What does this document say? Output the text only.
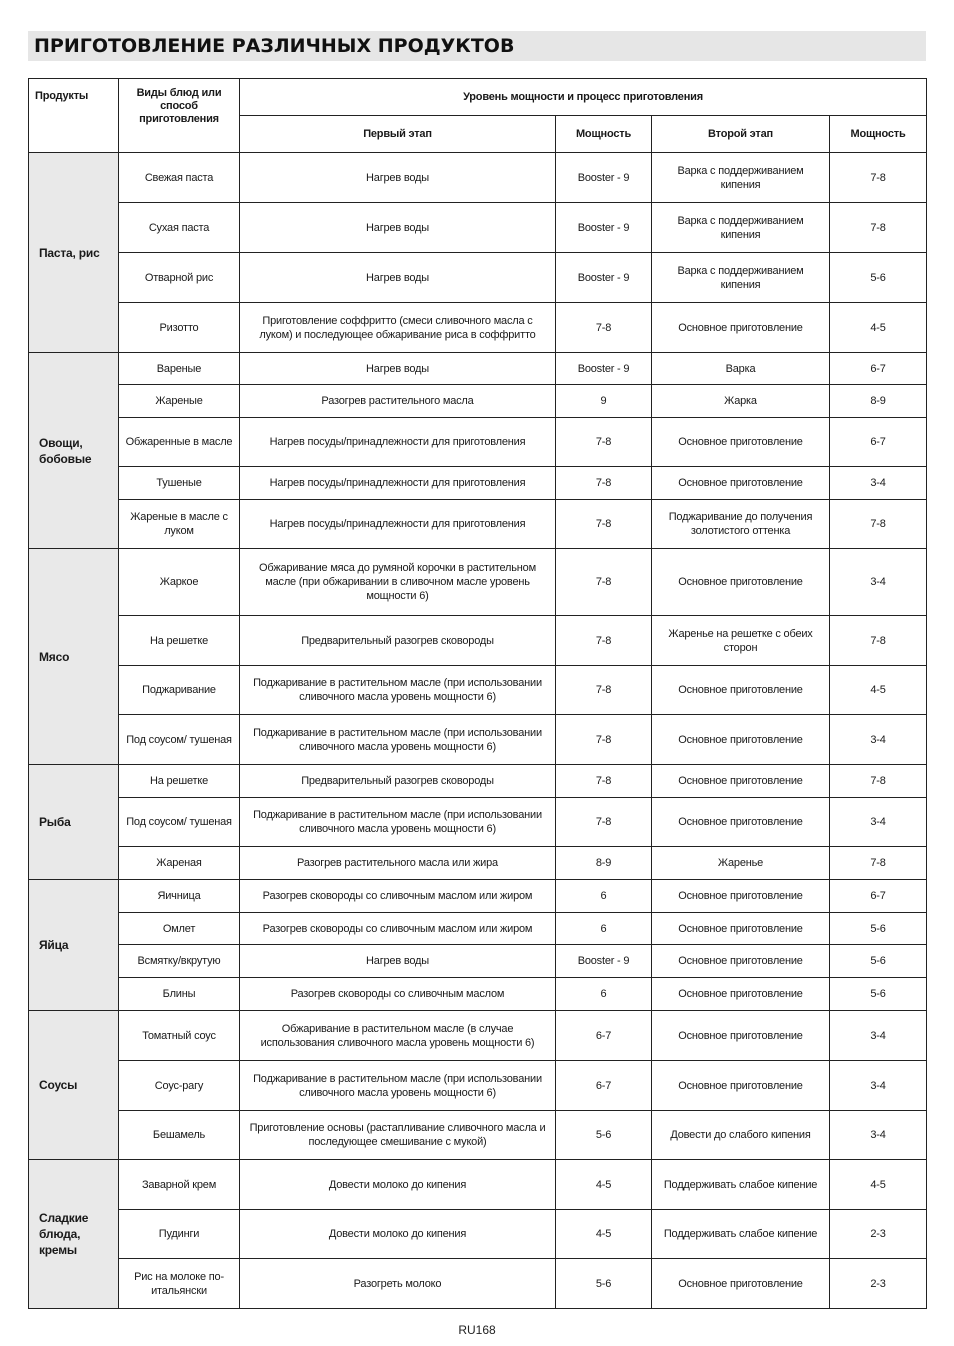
ПРИГОТОВЛЕНИЕ РАЗЛИЧНЫХ ПРОДУКТОВ
Продукты	Виды блюд или способ приготовления	Уровень мощности и процесс приготовления			
		Первый этап	Мощность	Второй этап	Мощность
Паста, рис	Свежая паста	Нагрев воды	Booster - 9	Варка с поддерживанием кипения	7-8
	Сухая паста	Нагрев воды	Booster - 9	Варка с поддерживанием кипения	7-8
	Отварной рис	Нагрев воды	Booster - 9	Варка с поддерживанием кипения	5-6
	Ризотто	Приготовление соффритто (смеси сливочного масла с луком) и последующее обжаривание риса в соффритто	7-8	Основное приготовление	4-5
Овощи, бобовые	Вареные	Нагрев воды	Booster - 9	Варка	6-7
	Жареные	Разогрев растительного масла	9	Жарка	8-9
	Обжаренные в масле	Нагрев посуды/принадлежности для приготовления	7-8	Основное приготовление	6-7
	Тушеные	Нагрев посуды/принадлежности для приготовления	7-8	Основное приготовление	3-4
	Жареные в масле с луком	Нагрев посуды/принадлежности для приготовления	7-8	Поджаривание до получения золотистого оттенка	7-8
Мясо	Жаркое	Обжаривание мяса до румяной корочки в растительном масле (при обжаривании в сливочном масле уровень мощности 6)	7-8	Основное приготовление	3-4
	На решетке	Предварительный разогрев сковороды	7-8	Жаренье на решетке с обеих сторон	7-8
	Поджаривание	Поджаривание в растительном масле (при использовании сливочного масла уровень мощности 6)	7-8	Основное приготовление	4-5
	Под соусом/ тушеная	Поджаривание в растительном масле (при использовании сливочного масла уровень мощности 6)	7-8	Основное приготовление	3-4
Рыба	На решетке	Предварительный разогрев сковороды	7-8	Основное приготовление	7-8
	Под соусом/ тушеная	Поджаривание в растительном масле (при использовании сливочного масла уровень мощности 6)	7-8	Основное приготовление	3-4
	Жареная	Разогрев растительного масла или жира	8-9	Жаренье	7-8
Яйца	Яичница	Разогрев сковороды со сливочным маслом или жиром	6	Основное приготовление	6-7
	Омлет	Разогрев сковороды со сливочным маслом или жиром	6	Основное приготовление	5-6
	Всмятку/вкрутую	Нагрев воды	Booster - 9	Основное приготовление	5-6
	Блины	Разогрев сковороды со сливочным маслом	6	Основное приготовление	5-6
Соусы	Томатный соус	Обжаривание в растительном масле (в случае использования сливочного масла уровень мощности 6)	6-7	Основное приготовление	3-4
	Соус-рагу	Поджаривание в растительном масле (при использовании сливочного масла уровень мощности 6)	6-7	Основное приготовление	3-4
	Бешамель	Приготовление основы (растапливание сливочного масла и последующее смешивание с мукой)	5-6	Довести до слабого кипения	3-4
Сладкие блюда, кремы	Заварной крем	Довести молоко до кипения	4-5	Поддерживать слабое кипение	4-5
	Пудинги	Довести молоко до кипения	4-5	Поддерживать слабое кипение	2-3
	Рис на молоке по-итальянски	Разогреть молоко	5-6	Основное приготовление	2-3
RU168
